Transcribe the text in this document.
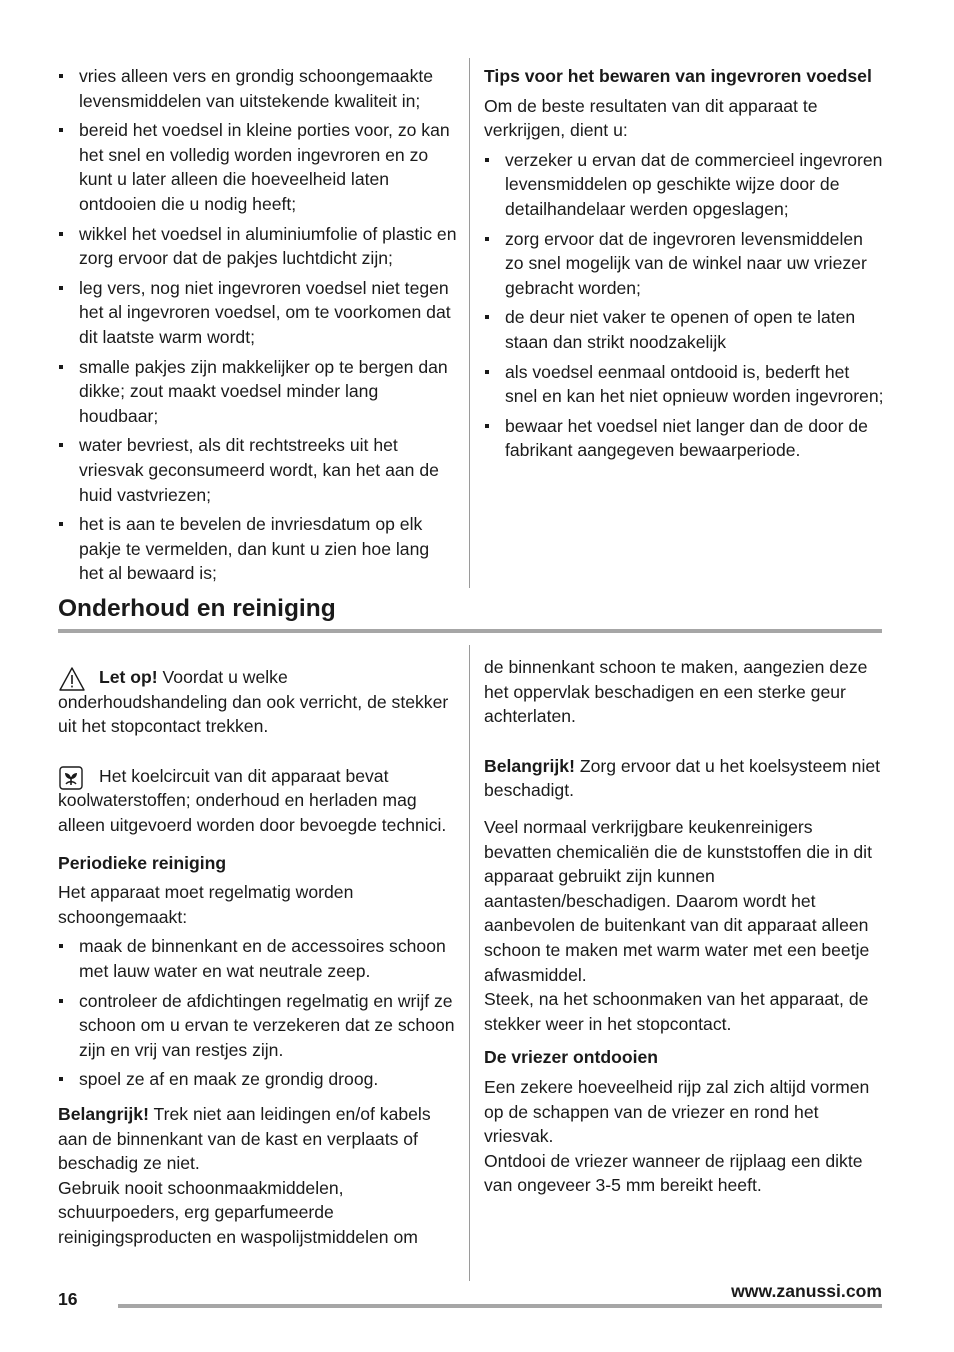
vries alleen vers en grondig schoongemaakte levensmiddelen van uitstekende kwaliteit in;
bereid het voedsel in kleine porties voor, zo kan het snel en volledig worden ingevroren en zo kunt u later alleen die hoeveelheid laten ontdooien die u nodig heeft;
wikkel het voedsel in aluminiumfolie of plastic en zorg ervoor dat de pakjes luchtdicht zijn;
leg vers, nog niet ingevroren voedsel niet tegen het al ingevroren voedsel, om te voorkomen dat dit laatste warm wordt;
smalle pakjes zijn makkelijker op te bergen dan dikke; zout maakt voedsel minder lang houdbaar;
water bevriest, als dit rechtstreeks uit het vriesvak geconsumeerd wordt, kan het aan de huid vastvriezen;
het is aan te bevelen de invriesdatum op elk pakje te vermelden, dan kunt u zien hoe lang het al bewaard is;

Tips voor het bewaren van ingevroren voedsel

Om de beste resultaten van dit apparaat te verkrijgen, dient u:

verzeker u ervan dat de commercieel ingevroren levensmiddelen op geschikte wijze door de detailhandelaar werden opgeslagen;
zorg ervoor dat de ingevroren levensmiddelen zo snel mogelijk van de winkel naar uw vriezer gebracht worden;
de deur niet vaker te openen of open te laten staan dan strikt noodzakelijk
als voedsel eenmaal ontdooid is, bederft het snel en kan het niet opnieuw worden ingevroren;
bewaar het voedsel niet langer dan de door de fabrikant aangegeven bewaarperiode.
Onderhoud en reiniging

Let op! Voordat u welke onderhoudshandeling dan ook verricht, de stekker uit het stopcontact trekken.

Het koelcircuit van dit apparaat bevat koolwaterstoffen; onderhoud en herladen mag alleen uitgevoerd worden door bevoegde technici.

Periodieke reiniging

Het apparaat moet regelmatig worden schoongemaakt:

maak de binnenkant en de accessoires schoon met lauw water en wat neutrale zeep.
controleer de afdichtingen regelmatig en wrijf ze schoon om u ervan te verzekeren dat ze schoon zijn en vrij van restjes zijn.
spoel ze af en maak ze grondig droog.

Belangrijk! Trek niet aan leidingen en/of kabels aan de binnenkant van de kast en verplaats of beschadig ze niet.

Gebruik nooit schoonmaakmiddelen, schuurpoeders, erg geparfumeerde reinigingsproducten en waspolijstmiddelen om

de binnenkant schoon te maken, aangezien deze het oppervlak beschadigen en een sterke geur achterlaten.

Belangrijk! Zorg ervoor dat u het koelsysteem niet beschadigt.

Veel normaal verkrijgbare keukenreinigers bevatten chemicaliën die de kunststoffen die in dit apparaat gebruikt zijn kunnen aantasten/beschadigen. Daarom wordt het aanbevolen de buitenkant van dit apparaat alleen schoon te maken met warm water met een beetje afwasmiddel.

Steek, na het schoonmaken van het apparaat, de stekker weer in het stopcontact.

De vriezer ontdooien

Een zekere hoeveelheid rijp zal zich altijd vormen op de schappen van de vriezer en rond het vriesvak.

Ontdooi de vriezer wanneer de rijplaag een dikte van ongeveer 3-5 mm bereikt heeft.

www.zanussi.com
16
